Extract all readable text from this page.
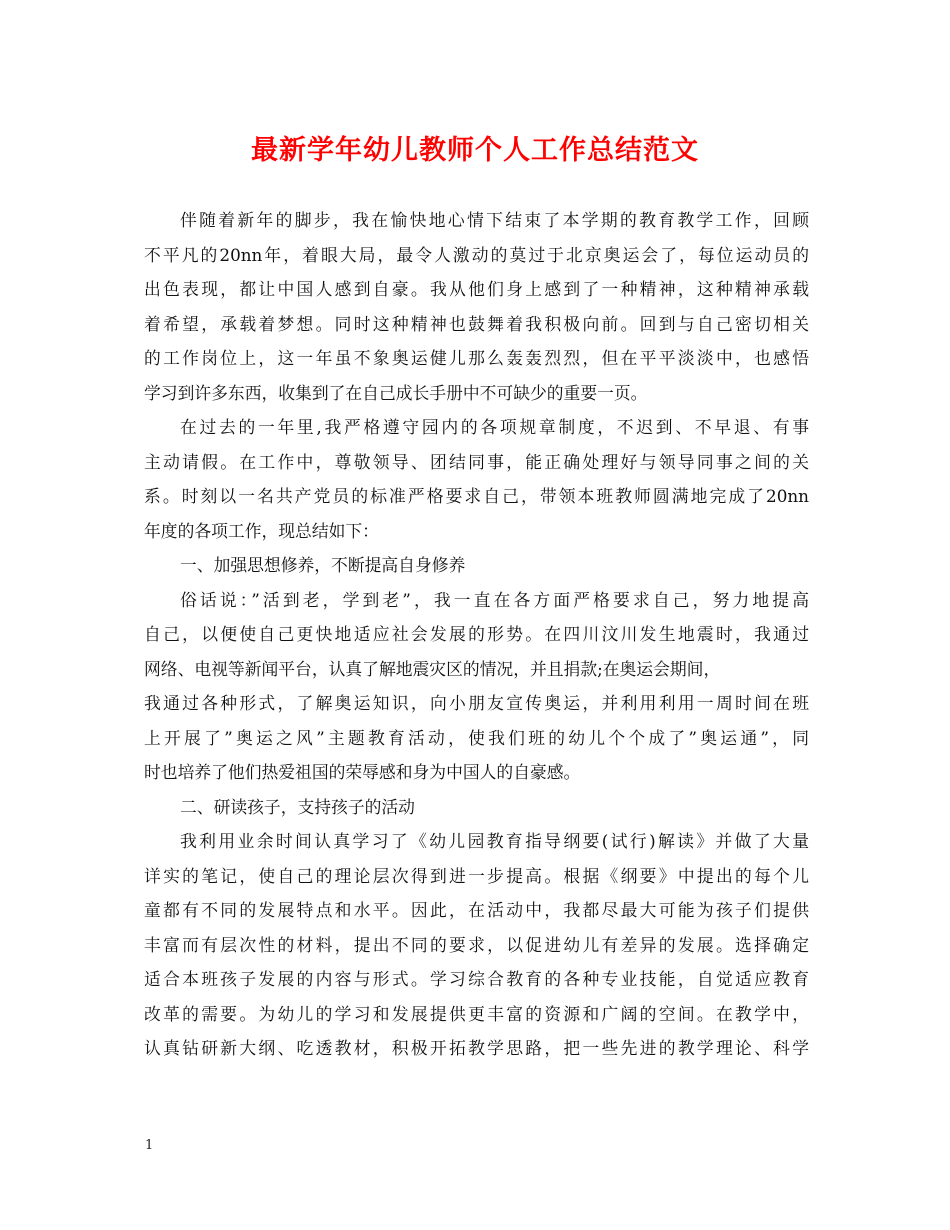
最新学年幼儿教师个人工作总结范文
伴随着新年的脚步，我在愉快地心情下结束了本学期的教育教学工作，回顾
不平凡的20nn年，着眼大局，最令人激动的莫过于北京奥运会了，每位运动员的
出色表现，都让中国人感到自豪。我从他们身上感到了一种精神，这种精神承载
着希望，承载着梦想。同时这种精神也鼓舞着我积极向前。回到与自己密切相关
的工作岗位上，这一年虽不象奥运健儿那么轰轰烈烈，但在平平淡淡中，也感悟
学习到许多东西，收集到了在自己成长手册中不可缺少的重要一页。
在过去的一年里,我严格遵守园内的各项规章制度，不迟到、不早退、有事
主动请假。在工作中，尊敬领导、团结同事，能正确处理好与领导同事之间的关
系。时刻以一名共产党员的标准严格要求自己，带领本班教师圆满地完成了20nn
年度的各项工作，现总结如下：
一、加强思想修养，不断提高自身修养
俗话说：”活到老，学到老”，我一直在各方面严格要求自己，努力地提高
自己，以便使自己更快地适应社会发展的形势。在四川汶川发生地震时，我通过
网络、电视等新闻平台，认真了解地震灾区的情况，并且捐款;在奥运会期间，
我通过各种形式，了解奥运知识，向小朋友宣传奥运，并利用利用一周时间在班
上开展了”奥运之风”主题教育活动，使我们班的幼儿个个成了”奥运通”，同
时也培养了他们热爱祖国的荣辱感和身为中国人的自豪感。
二、研读孩子，支持孩子的活动
我利用业余时间认真学习了《幼儿园教育指导纲要(试行)解读》并做了大量
详实的笔记，使自己的理论层次得到进一步提高。根据《纲要》中提出的每个儿
童都有不同的发展特点和水平。因此，在活动中，我都尽最大可能为孩子们提供
丰富而有层次性的材料，提出不同的要求，以促进幼儿有差异的发展。选择确定
适合本班孩子发展的内容与形式。学习综合教育的各种专业技能，自觉适应教育
改革的需要。为幼儿的学习和发展提供更丰富的资源和广阔的空间。在教学中，
认真钻研新大纲、吃透教材，积极开拓教学思路，把一些先进的教学理论、科学
1
